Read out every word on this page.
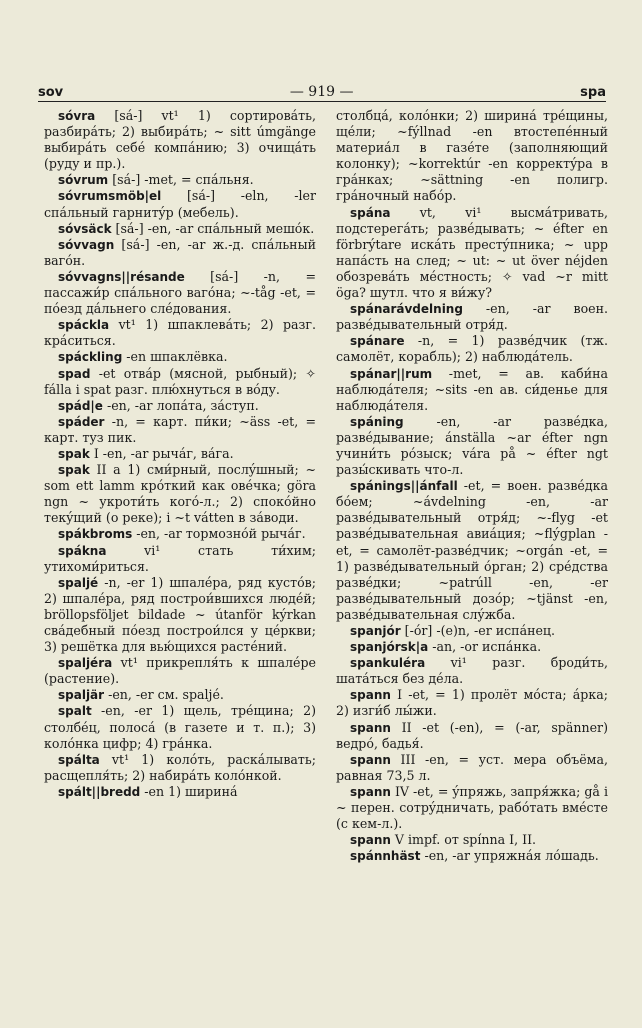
sov	— 919 —	spa

sóvra [sá-] vt¹ 1) сортировáть, разбирáть; 2) выбирáть; ~ sitt úmgänge выбирáть себé компáнию; 3) очищáть (руду и пр.).

sóvrum [sá-] -met, = спáльня.

sóvrumsmöb|el [sá-] -eln, -ler спáльный гарнитýр (мебель).

sóvsäck [sá-] -en, -ar спáльный мешóк.

sóvvagn [sá-] -en, -ar ж.-д. спáльный вагóн.

sóvvagns||résande [sá-] -n, = пассажи́р спáльного вагóна; ~-tåg -et, = пóезд дáльнего слéдования.

spáckla vt¹ 1) шпаклевáть; 2) разг. крáситься.

spáckling -en шпаклёвка.

spad -et отвáр (мясной, рыбный); ✧ fálla i spat разг. плю́хнуться в вóду.

spád|e -en, -ar лопáта, зáступ.

spáder -n, = карт. пи́ки; ~äss -et, = карт. туз пик.

spak I -en, -ar рычáг, вáга.

spak II a 1) сми́рный, послýшный; ~ som ett lamm крóткий как овéчка; göra ngn ~ укроти́ть когó-л.; 2) спокóйно текýщий (о реке); i ~t vátten в зáводи.

spákbroms -en, -ar тормознóй рычáг.

spákna vi¹ стать ти́хим; утихоми́риться.

spaljé -n, -er 1) шпалéра, ряд кустóв; 2) шпалéра, ряд построи́вшихся людéй; bröllopsföljet bildade ~ útanför kýrkan свáдебный пóезд построи́лся у цéркви; 3) решётка для вью́щихся растéний.

spaljéra vt¹ прикрепля́ть к шпалéре (растение).

spaljär -en, -er см. spaljé.

spalt -en, -er 1) щель, трéщина; 2) столбéц, полосá (в газете и т. п.); 3) колóнка цифр; 4) грáнка.

spálta vt¹ 1) колóть, раскáлывать; расщепля́ть; 2) набирáть колóнкой.

spált||bredd -en 1) ширинá

столбцá, колóнки; 2) ширинá трéщины, щéли; ~fýllnad -en втостепéнный материáл в газéте (заполняющий колонку); ~korrektúr -en корректýра в грáнках; ~sättning -en полигр. грáночный набóр.

spána vt, vi¹ высмáтривать, подстерегáть; развéдывать; ~ éfter en förbrýtare искáть престýпника; ~ upp напáсть на след; ~ ut: ~ ut över néjden обозревáть мéстность; ✧ vad ~r mitt öga? шутл. что я ви́жу?

spánarávdelning -en, -ar воен. развéдывательный отря́д.

spánare -n, = 1) развéдчик (тж. самолёт, корабль); 2) наблюдáтель.

spánar||rum -met, = ав. каби́на наблюдáтеля; ~sits -en ав. си́денье для наблюдáтеля.

spáning -en, -ar развéдка, развéдывание; ánställa ~ar éfter ngn учини́ть рóзыск; vára på ~ éfter ngt разы́скивать что-л.

spánings||ánfall -et, = воен. развéдка бóем; ~ávdelning -en, -ar развéдывательный отря́д; ~-flyg -et развéдывательная авиáция; ~flýgplan -et, = самолёт-развéдчик; ~orgán -et, = 1) развéдывательный óрган; 2) срéдства развéдки; ~patrúll -en, -er развéдывательный дозóр; ~tjänst -en, развéдывательная слýжба.

spanjór [-ór] -(e)n, -er испáнец.

spanjórsk|a -an, -or испáнка.

spankuléra vi¹ разг. броди́ть, шатáться без дéла.

spann I -et, = 1) пролёт мóста; áрка; 2) изги́б лы́жи.

spann II -et (-en), = (-ar, spänner) ведрó, бадья́.

spann III -en, = уст. мера объёма, равная 73,5 л.

spann IV -et, = ýпряжь, запря́жка; gå i ~ перен. сотрýдничать, рабóтать вмéсте (с кем-л.).

spann V impf. от spínna I, II.

spánnhäst -en, -ar упряжнáя лóшадь.
